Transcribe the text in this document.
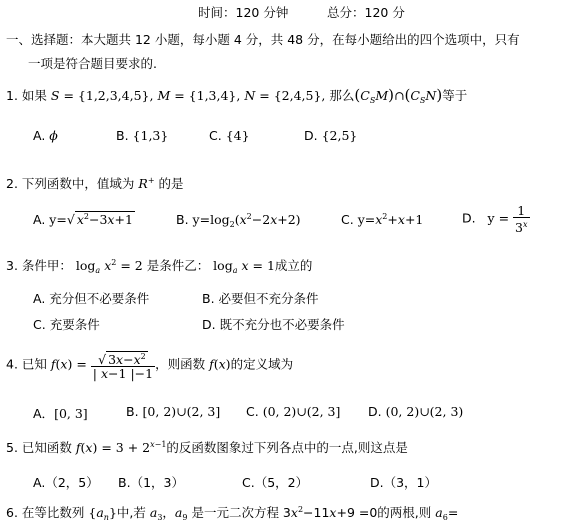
时间：120 分钟	总分：120 分
一、选择题：本大题共 12 小题，每小题 4 分，共 48 分，在每小题给出的四个选项中，只有
一项是符合题目要求的.
1. 如果 S = {1,2,3,4,5}, M = {1,3,4}, N = {2,4,5}, 那么$(C_SM)\cap(C_SN)$等于
A. ϕ	B. {1,3}	C. {4}	D. {2,5}
2. 下列函数中，值域为 R+ 的是
A. y=√ $x^2-3x+1$	B. $y=\log_2(x^2-2x+2)$	C. $y=x^2+x+1$	D. $y = \frac{1}{3^x}$
3. 条件甲： $\log_a x^2 = 2$ 是条件乙： $\log_a x = 1$成立的
A. 充分但不必要条件	B. 必要但不充分条件
C. 充要条件	D. 既不充分也不必要条件
4. 已知 $f(x) = \frac{√ 3x-x^2}{| x-1 |-1}$ ，则函数 f(x)的定义域为
A．[0, 3]	B. [0, 2)∪(2, 3] C. (0, 2)∪(2, 3] D. (0, 2)∪(2, 3)
5. 已知函数 $f(x) = 3 + 2^{x-1}$的反函数图象过下列各点中的一点,则这点是
A.（2，5） B.（1，3）	C.（5，2）	D.（3，1）
6. 在等比数列 $\{a_n\}$中,若 $a_3$，$a_9$ 是一元二次方程 $3x^2-11x+9 =0$的两根,则 $a_6=$
